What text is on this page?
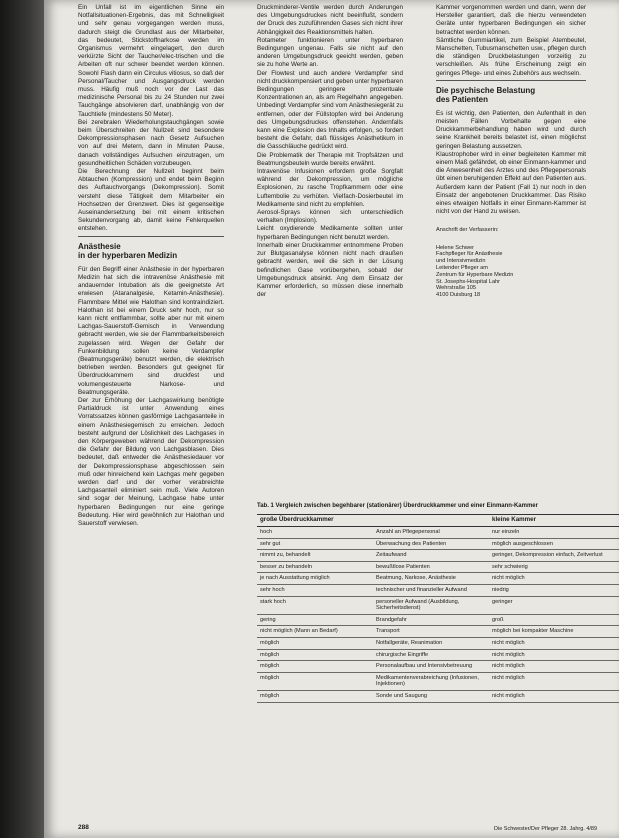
Ein Unfall ist im eigentlichen Sinne ein Notfallsituationen-Ergebnis, das mit Schnelligkeit und sehr genau vorgegangen werden muss, dadurch steigt die Grundlast aus der Mitarbeiter, das bedeutet, Stickstoffnarkose werden im Organismus vermehrt eingelagert, den durch verkürzte Sicht der Taucher/elec-trischen und die Arbeiten oft nur schwer beendet werden können. Sowohl Flash dann ein Circulus vitiosus, so daß der Personal/Taucher und Ausgangsdruck werden muss. Häufig muß noch vor der Last das medizinische Personal bis zu 24 Stunden nur zwei Tauchgänge absolvieren darf, unabhängig von der Tauchtiefe (mindestens 50 Meter).

Bei zerebralen Wiederholungstauchgängen sowie beim Überschreiten der Nullzeit sind besondere Dekompressionsphasen nach Gesetz Aufsuchen von auf drei Metern, dann in Minuten Pause, danach vollständiges Aufsuchen einzutragen, um gesundheitlichen Schäden vorzubeugen.

Die Berechnung der Nullzeit beginnt beim Abtauchen (Kompression) und endet beim Beginn des Auftauchvorgangs (Dekompression). Somit versteht diese Tätigkeit dem Mitarbeiter ein Hochsetzen der Grenzwert. Dies ist gegenseitige Auseinandersetzung bei mit einem kritischen Sekundenvorgang ab, damit keine Fehlerquellen entstehen.

Anästhesie
in der hyperbaren Medizin

Für den Begriff einer Anästhesie in der hyperbaren Medizin hat sich die intravenöse Anästhesie mit andauernder Intubation als die geeignetste Art erwiesen (Ataranalgesie, Ketamin-Anästhesie). Flammbare Mittel wie Halothan sind kontraindiziert. Halothan ist bei einem Druck sehr hoch, nur so kann nicht entflammbar, sollte aber nur mit einem Lachgas-Sauerstoff-Gemisch in Verwendung gebracht werden, wie sie der Flammbarkeitsbereich zugelassen wird. Wegen der Gefahr der Funkenbildung sollen keine Verdampfer (Beatmungsgeräte) benutzt werden, die elektrisch betrieben werden. Besonders gut geeignet für Überdruckkammern sind druckfest und volumengesteuerte Narkose- und Beatmungsgeräte.

Der zur Erhöhung der Lachgaswirkung benötigte Partialdruck ist unter Anwendung eines Vorratssatzes können gasförmige Lachgasanteile in einem Anästhesiegemisch zu erreichen. Jedoch besteht aufgrund der Löslichkeit des Lachgases in den Körpergeweben während der Dekompression die Gefahr der Bildung von Lachgasblasen. Dies bedeutet, daß entweder die Anästhesiedauer vor der Dekompressionsphase abgeschlossen sein muß oder hinreichend kein Lachgas mehr gegeben werden darf und der vorher verabreichte Lachgasanteil eliminiert sein muß. Viele Autoren sind sogar der Meinung, Lachgase habe unter hyperbaren Bedingungen nur eine geringe Bedeutung. Hier wird gewöhnlich zur Halothan und Sauerstoff verwiesen.

Druckminderer-Ventile werden durch Änderungen des Umgebungsdruckes nicht beeinflußt, sondern der Druck des zuzuführenden Gases sich nicht ihrer Abhängigkeit des Reaktionsmittels halten.

Rotameter funktionieren unter hyperbaren Bedingungen ungenau. Falls sie nicht auf den anderen Umgebungsdruck geeicht werden, geben sie zu hohe Werte an.

Der Flowtest und auch andere Verdampfer sind nicht druckkompensiert und geben unter hyperbaren Bedingungen geringere prozentuale Konzentrationen an, als am Regelhahn angegeben. Unbedingt Verdampfer sind vom Anästhesiegerät zu entfernen, oder der Füllstopfen wird bei Anderung des Umgebungsdruckes offenstehen. Andernfalls kann eine Explosion des Inhalts erfolgen, so fordert besteht die Gefahr, daß flüssiges Anästhetikum in die Gasschläuche gedrückt wird.

Die Problematik der Therapie mit Tropfsätzen und Beatmungsbeuteln wurde bereits erwähnt.

Intravenöse Infusionen erfordern große Sorgfalt während der Dekompression, um mögliche Explosionen, zu rasche Tropfkammern oder eine Luftembolie zu verhüten. Vielfach-Dosierbeutel im Medikamente sind nicht zu empfehlen.

Aerosol-Sprays können sich unterschiedlich verhalten (Implosion).

Leicht oxydierende Medikamente sollten unter hyperbaren Bedingungen nicht benutzt werden.

Innerhalb einer Druckkammer entnommene Proben zur Blutgasanalyse können nicht nach draußen gebracht werden, weil die sich in der Lösung befindlichen Gase vorübergehen, sobald der Umgebungsdruck absinkt. Ang dem Einsatz der Kammer erforderlich, so müssen diese innerhalb der

Kammer vorgenommen werden und dann, wenn der Hersteller garantiert, daß die hierzu verwendeten Geräte unter hyperbaren Bedingungen ein sicher betrachtet werden können.

Sämtliche Gummiartikel, zum Beispiel Atembeutel, Manschetten, Tubusmanschetten usw., pflegen durch die ständigen Druckbelastungen vorzeitig zu verschleißen. Als frühe Erscheinung zeigt ein geringes Pflege- und eines Zubehörs aus wechseln.

Die psychische Belastung
des Patienten

Es ist wichtig, den Patienten, den Aufenthalt in den meisten Fällen Vorbehalte gegen eine Druckkammerbehandlung haben wird und durch seine Krankheit bereits belastet ist, einen möglichst geringen Belastung aussetzen.

Klaustrophober wird in einer begleiteten Kammer mit einem Maß gefährdet, ob einer Einmann-kammer und die Anwesenheit des Arztes und des Pflegepersonals übt einen beruhigenden Effekt auf den Patienten aus. Außerdem kann der Patient (Fall 1) nur noch in den Einsatz der angebotenen Druckkammer. Das Risiko eines etwaigen Notfalls in einer Einmann-Kammer ist nicht von der Hand zu weisen.

Anschrift der Verfasserin:
Helene Schwer
Fachpfleger für Anästhesie
und Intensivmedizin
Leitender Pfleger am
Zentrum für Hyperbare Medizin
St. Josephs-Hospital Lahr
Wehrstraße 105
4100 Duisburg 18
Tab. 1 Vergleich zwischen begehbarer (stationärer) Überdruckkammer und einer Einmann-Kammer
große Überdruckkammer		kleine Kammer
hoch	Anzahl an Pflegepersonal	nur einzeln
sehr gut	Überwachung des Patienten	möglich ausgeschlossen
nimmt zu, behandelt	Zeitaufwand	geringer, Dekompression einfach, Zeitverlust
besser zu behandeln	bewußtlose Patienten	sehr schwierig
je nach Ausstattung möglich	Beatmung, Narkose, Anästhesie	nicht möglich
sehr hoch	technischer und finanzieller Aufwand	niedrig
stark hoch	personeller Aufwand (Ausbildung, Sicherheitsdienst)	geringer
gering	Brandgefahr	groß
nicht möglich (Mann an Bedarf)	Transport	möglich bei kompakter Maschine
möglich	Notfallgeräte, Reanimation	nicht möglich
möglich	chirurgische Eingriffe	nicht möglich
möglich	Personalaufbau und Intensivbetreuung	nicht möglich
möglich	Medikamentenverabreichung (Infusionen, Injektionen)	nicht möglich
möglich	Sonde und Saugung	nicht möglich
288	Die Schwester/Der Pfleger 28. Jahrg. 4/89
